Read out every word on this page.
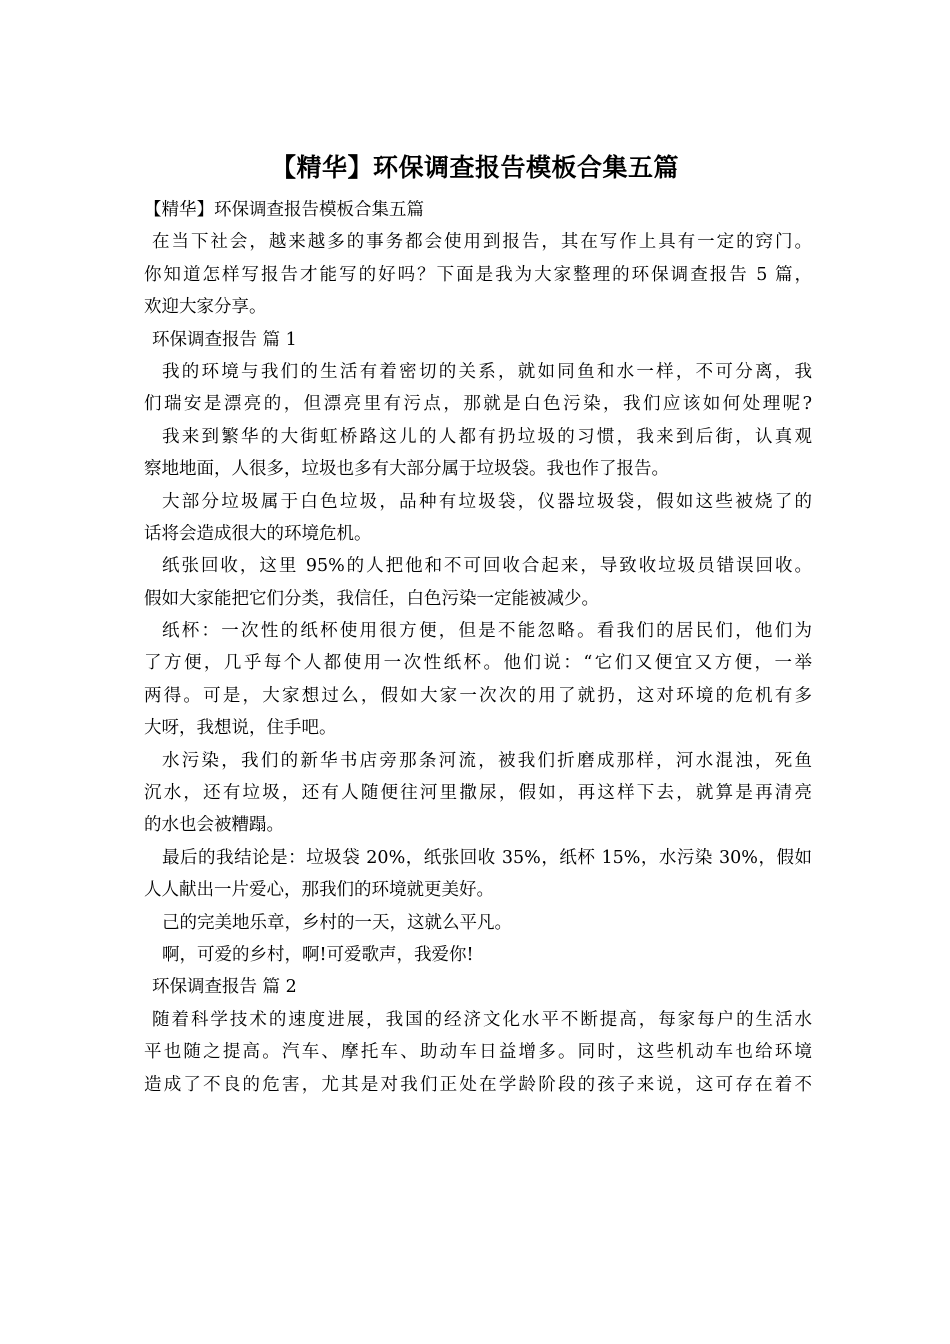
【精华】环保调查报告模板合集五篇
【精华】环保调查报告模板合集五篇
在当下社会，越来越多的事务都会使用到报告，其在写作上具有一定的窍门。
你知道怎样写报告才能写的好吗？下面是我为大家整理的环保调查报告 5 篇，
欢迎大家分享。
环保调查报告 篇 1
我的环境与我们的生活有着密切的关系，就如同鱼和水一样，不可分离，我
们瑞安是漂亮的，但漂亮里有污点，那就是白色污染，我们应该如何处理呢?
我来到繁华的大街虹桥路这儿的人都有扔垃圾的习惯，我来到后街，认真观
察地地面，人很多，垃圾也多有大部分属于垃圾袋。我也作了报告。
大部分垃圾属于白色垃圾，品种有垃圾袋，仪器垃圾袋，假如这些被烧了的
话将会造成很大的环境危机。
纸张回收，这里 95%的人把他和不可回收合起来，导致收垃圾员错误回收。
假如大家能把它们分类，我信任，白色污染一定能被减少。
纸杯：一次性的纸杯使用很方便，但是不能忽略。看我们的居民们，他们为
了方便，几乎每个人都使用一次性纸杯。他们说：“它们又便宜又方便，一举
两得。可是，大家想过么，假如大家一次次的用了就扔，这对环境的危机有多
大呀，我想说，住手吧。
水污染，我们的新华书店旁那条河流，被我们折磨成那样，河水混浊，死鱼
沉水，还有垃圾，还有人随便往河里撒尿，假如，再这样下去，就算是再清亮
的水也会被糟蹋。
最后的我结论是：垃圾袋 20%，纸张回收 35%，纸杯 15%，水污染 30%，假如
人人献出一片爱心，那我们的环境就更美好。
己的完美地乐章，乡村的一天，这就么平凡。
啊，可爱的乡村，啊!可爱歌声，我爱你!
环保调查报告 篇 2
随着科学技术的速度进展，我国的经济文化水平不断提高，每家每户的生活水
平也随之提高。汽车、摩托车、助动车日益增多。同时，这些机动车也给环境
造成了不良的危害，尤其是对我们正处在学龄阶段的孩子来说，这可存在着不
